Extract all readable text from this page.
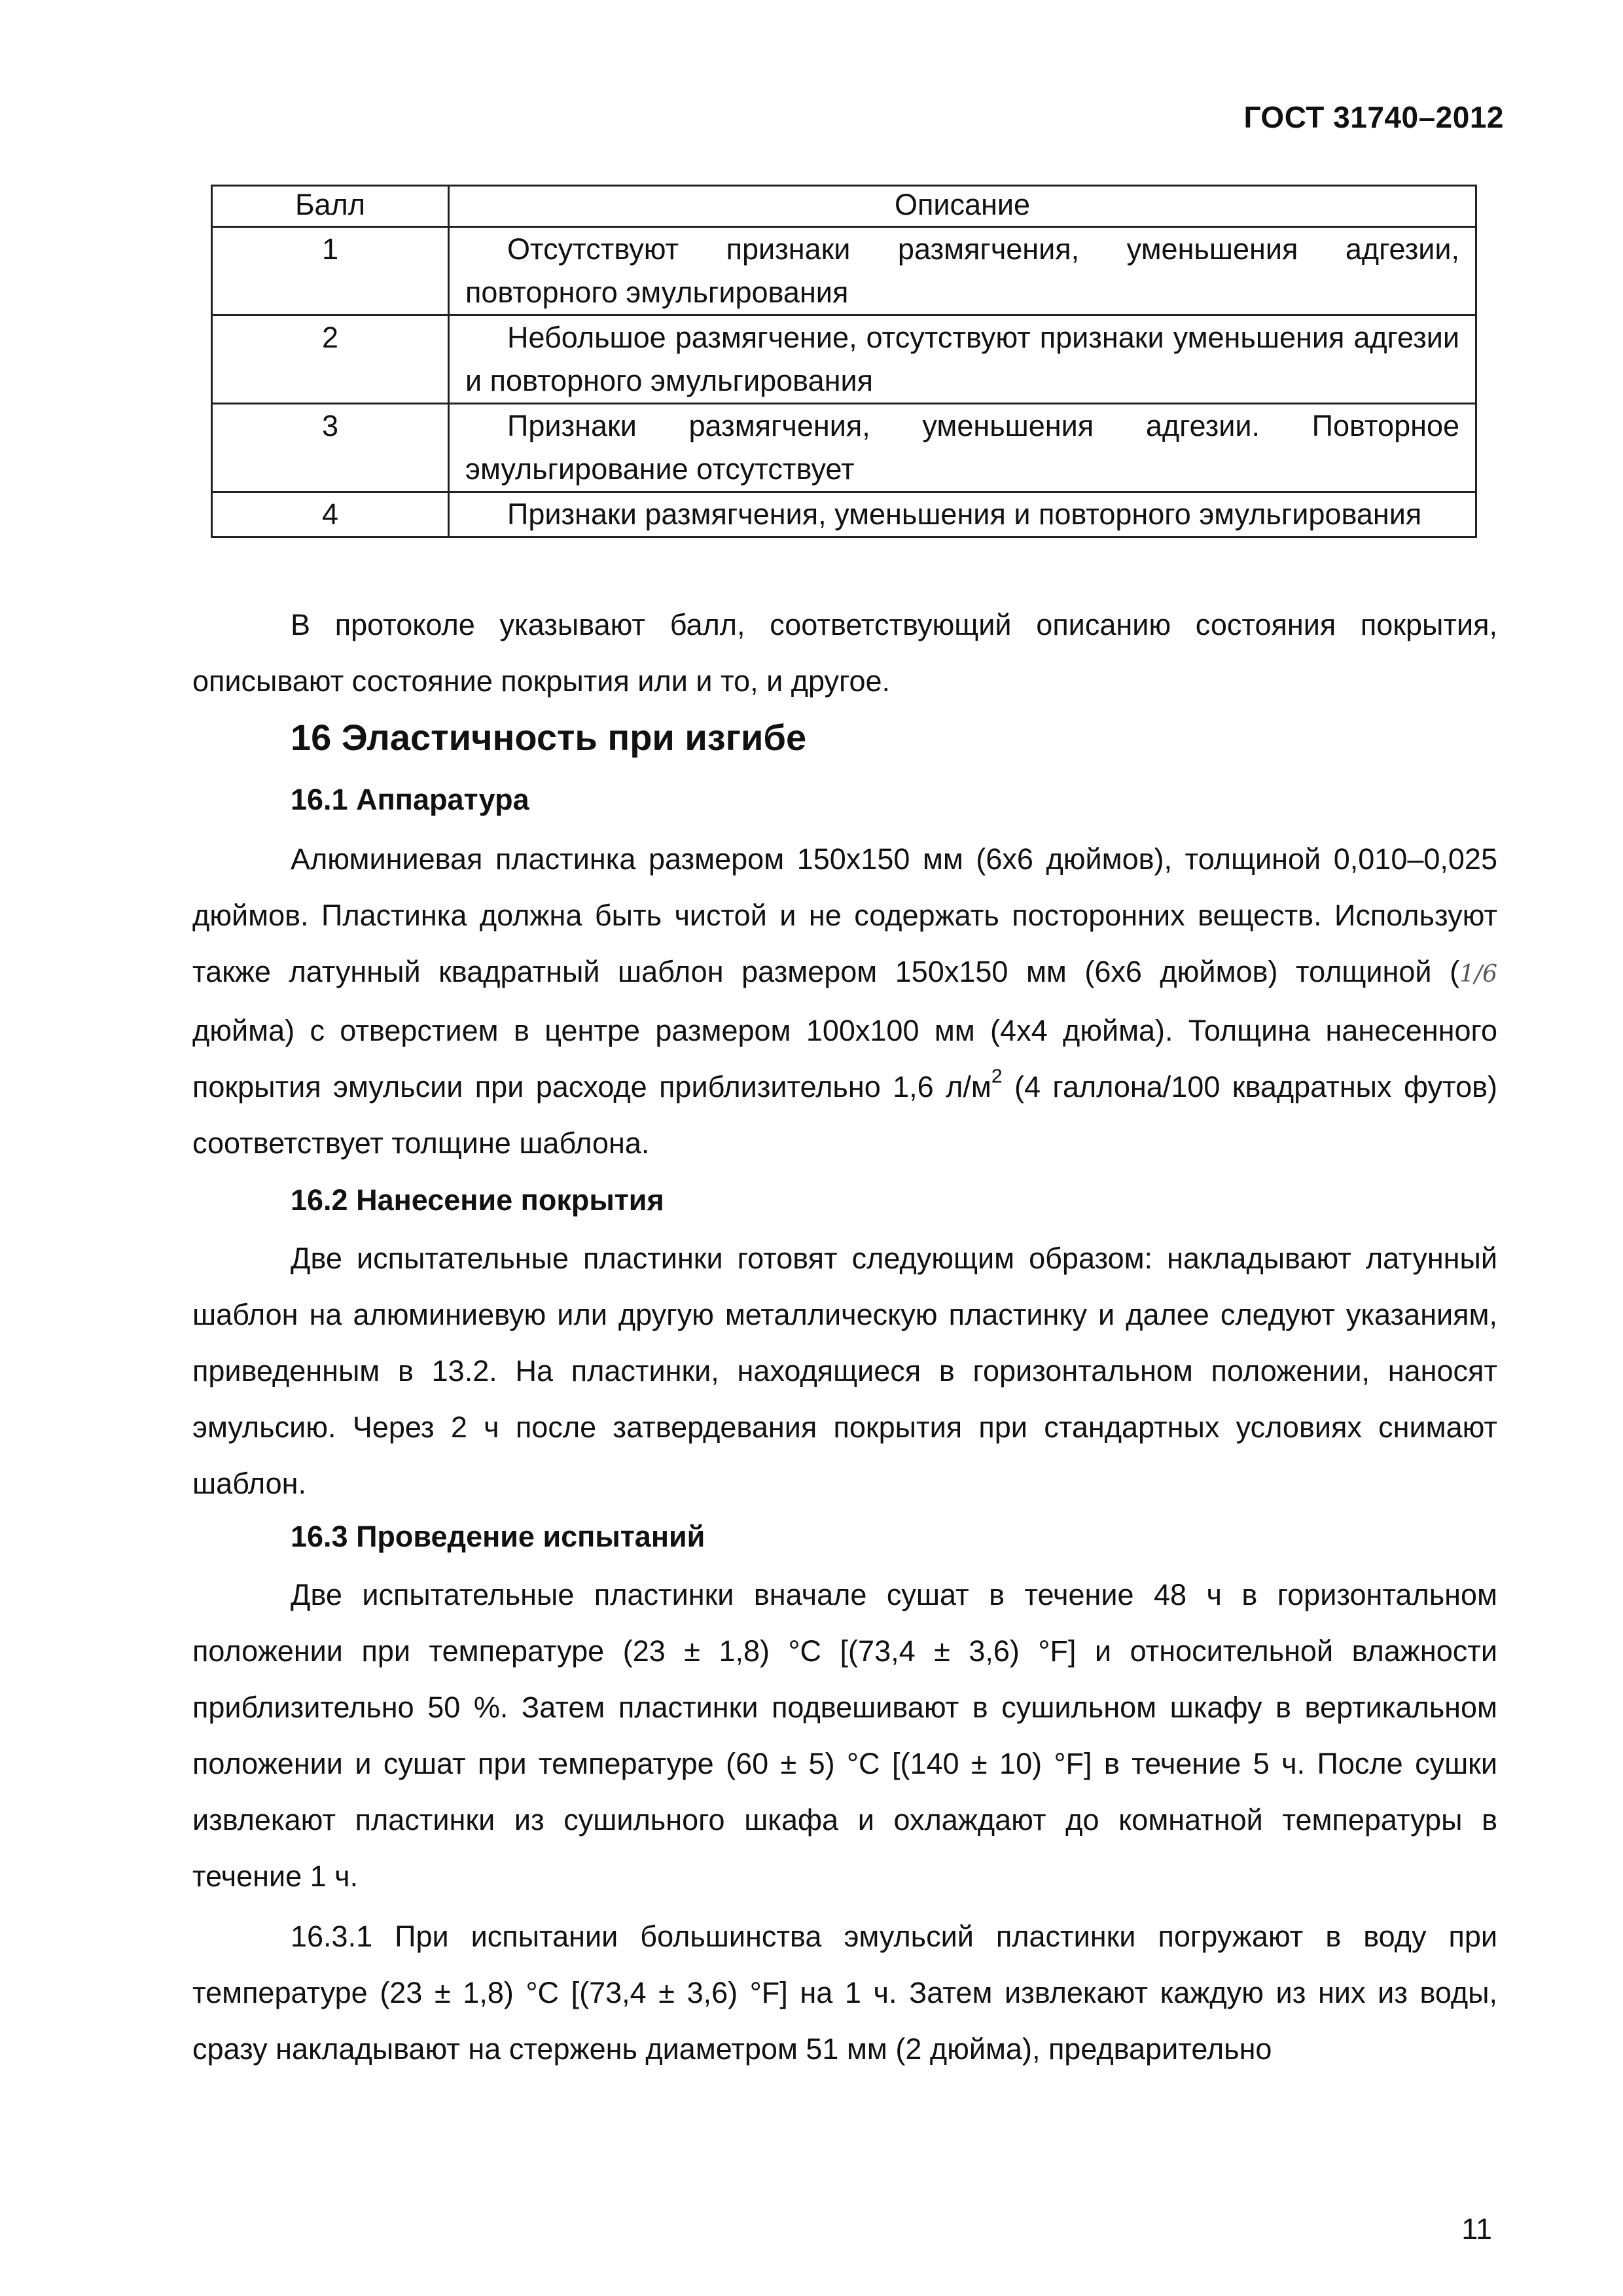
ГОСТ 31740–2012
Балл	Описание
1	Отсутствуют признаки размягчения, уменьшения адгезии, повторного эмульгирования
2	Небольшое размягчение, отсутствуют признаки уменьшения адгезии и повторного эмульгирования
3	Признаки размягчения, уменьшения адгезии. Повторное эмульгирование отсутствует
4	Признаки размягчения, уменьшения и повторного эмульгирования

В протоколе указывают балл, соответствующий описанию состояния покрытия, описывают состояние покрытия или и то, и другое.

16 Эластичность при изгибе
16.1 Аппаратура

Алюминиевая пластинка размером 150х150 мм (6х6 дюймов), толщиной 0,010–0,025 дюймов. Пластинка должна быть чистой и не содержать посторонних веществ. Используют также латунный квадратный шаблон размером 150х150 мм (6х6 дюймов) толщиной (1/6 дюйма) с отверстием в центре размером 100х100 мм (4х4 дюйма). Толщина нанесенного покрытия эмульсии при расходе приблизительно 1,6 $л/м^2$ (4 галлона/100 квадратных футов) соответствует толщине шаблона.

16.2 Нанесение покрытия

Две испытательные пластинки готовят следующим образом: накладывают латунный шаблон на алюминиевую или другую металлическую пластинку и далее следуют указаниям, приведенным в 13.2. На пластинки, находящиеся в горизонтальном положении, наносят эмульсию. Через 2 ч после затвердевания покрытия при стандартных условиях снимают шаблон.

16.3 Проведение испытаний

Две испытательные пластинки вначале сушат в течение 48 ч в горизонтальном положении при температуре (23 ± 1,8) °С [(73,4 ± 3,6) °F] и относительной влажности приблизительно 50 %. Затем пластинки подвешивают в сушильном шкафу в вертикальном положении и сушат при температуре (60 ± 5) °С [(140 ± 10) °F] в течение 5 ч. После сушки извлекают пластинки из сушильного шкафа и охлаждают до комнатной температуры в течение 1 ч.

16.3.1 При испытании большинства эмульсий пластинки погружают в воду при температуре (23 ± 1,8) °С [(73,4 ± 3,6) °F] на 1 ч. Затем извлекают каждую из них из воды, сразу накладывают на стержень диаметром 51 мм (2 дюйма), предварительно

11
